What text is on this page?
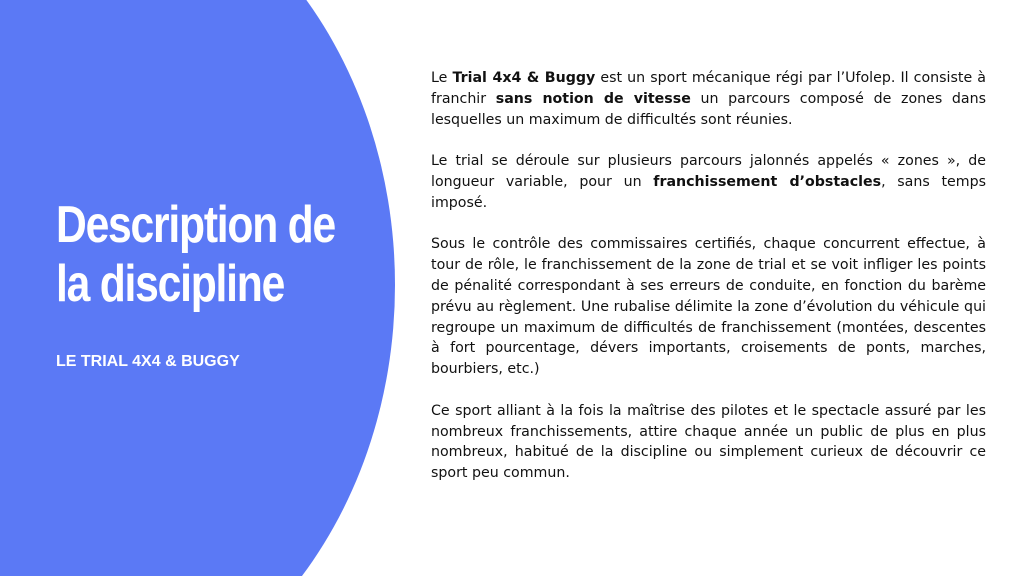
Description de
la discipline

LE TRIAL 4X4 & BUGGY

Le Trial 4x4 & Buggy est un sport mécanique régi par l’Ufolep. Il consiste à franchir sans notion de vitesse un parcours composé de zones dans lesquelles un maximum de difficultés sont réunies.

Le trial se déroule sur plusieurs parcours jalonnés appelés « zones », de longueur variable, pour un franchissement d’obstacles, sans temps imposé.

Sous le contrôle des commissaires certifiés, chaque concurrent effectue, à tour de rôle, le franchissement de la zone de trial et se voit infliger les points de pénalité correspondant à ses erreurs de conduite, en fonction du barème prévu au règlement. Une rubalise délimite la zone d’évolution du véhicule qui regroupe un maximum de difficultés de franchissement (montées, descentes à fort pourcentage, dévers importants, croisements de ponts, marches, bourbiers, etc.)

Ce sport alliant à la fois la maîtrise des pilotes et le spectacle assuré par les nombreux franchissements, attire chaque année un public de plus en plus nombreux, habitué de la discipline ou simplement curieux de découvrir ce sport peu commun.
